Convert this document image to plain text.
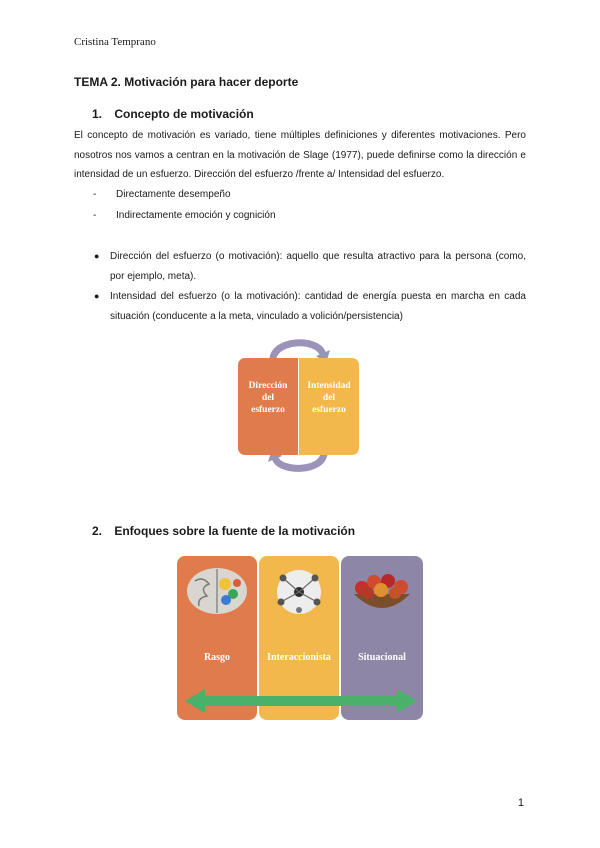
Cristina Temprano
TEMA 2. Motivación para hacer deporte
1. Concepto de motivación
El concepto de motivación es variado, tiene múltiples definiciones y diferentes motivaciones. Pero nosotros nos vamos a centran en la motivación de Slage (1977), puede definirse como la dirección e intensidad de un esfuerzo. Dirección del esfuerzo /frente a/ Intensidad del esfuerzo.
- Directamente desempeño
- Indirectamente emoción y cognición
● Dirección del esfuerzo (o motivación): aquello que resulta atractivo para la persona (como, por ejemplo, meta).
● Intensidad del esfuerzo (o la motivación): cantidad de energía puesta en marcha en cada situación (conducente a la meta, vinculado a volición/persistencia)
Dirección
del
esfuerzo
Intensidad
del
esfuerzo
2. Enfoques sobre la fuente de la motivación
Rasgo	Interaccionista	Situacional
1
